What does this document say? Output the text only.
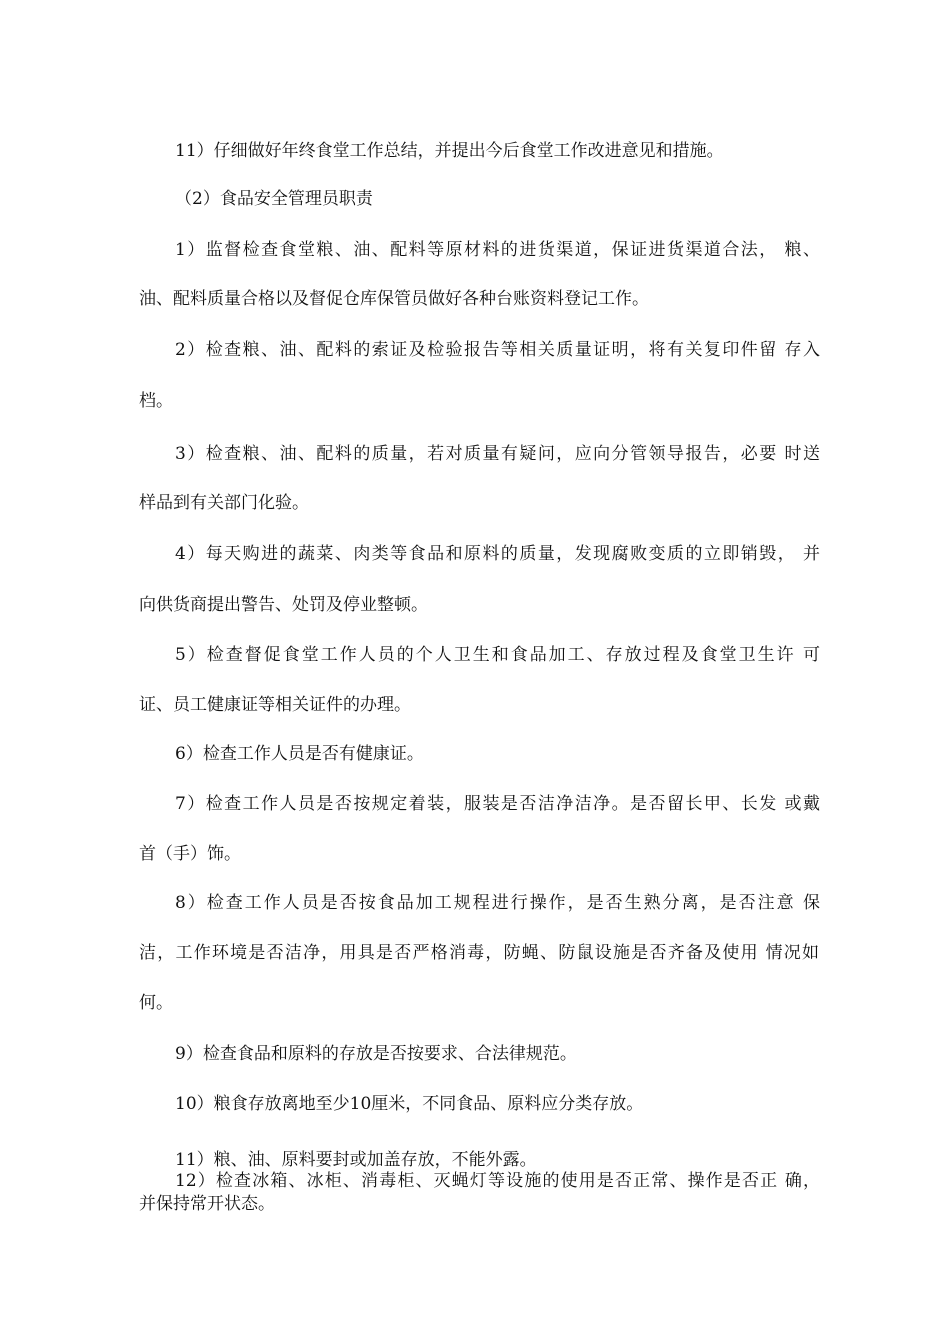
11）仔细做好年终食堂工作总结，并提出今后食堂工作改进意见和措施。
（2）食品安全管理员职责
1）监督检查食堂粮、油、配料等原材料的进货渠道，保证进货渠道合法， 粮、
油、配料质量合格以及督促仓库保管员做好各种台账资料登记工作。
2）检查粮、油、配料的索证及检验报告等相关质量证明，将有关复印件留 存入
档。
3）检查粮、油、配料的质量，若对质量有疑问，应向分管领导报告，必要 时送
样品到有关部门化验。
4）每天购进的蔬菜、肉类等食品和原料的质量，发现腐败变质的立即销毁， 并
向供货商提出警告、处罚及停业整顿。
5）检查督促食堂工作人员的个人卫生和食品加工、存放过程及食堂卫生许 可
证、员工健康证等相关证件的办理。
6）检查工作人员是否有健康证。
7）检查工作人员是否按规定着装，服装是否洁净洁净。是否留长甲、长发 或戴
首（手）饰。
8）检查工作人员是否按食品加工规程进行操作，是否生熟分离，是否注意 保
洁，工作环境是否洁净，用具是否严格消毒，防蝇、防鼠设施是否齐备及使用 情况如
何。
9）检查食品和原料的存放是否按要求、合法律规范。
10）粮食存放离地至少10厘米，不同食品、原料应分类存放。
11）粮、油、原料要封或加盖存放，不能外露。
12）检查冰箱、冰柜、消毒柜、灭蝇灯等设施的使用是否正常、操作是否正 确，
并保持常开状态。
